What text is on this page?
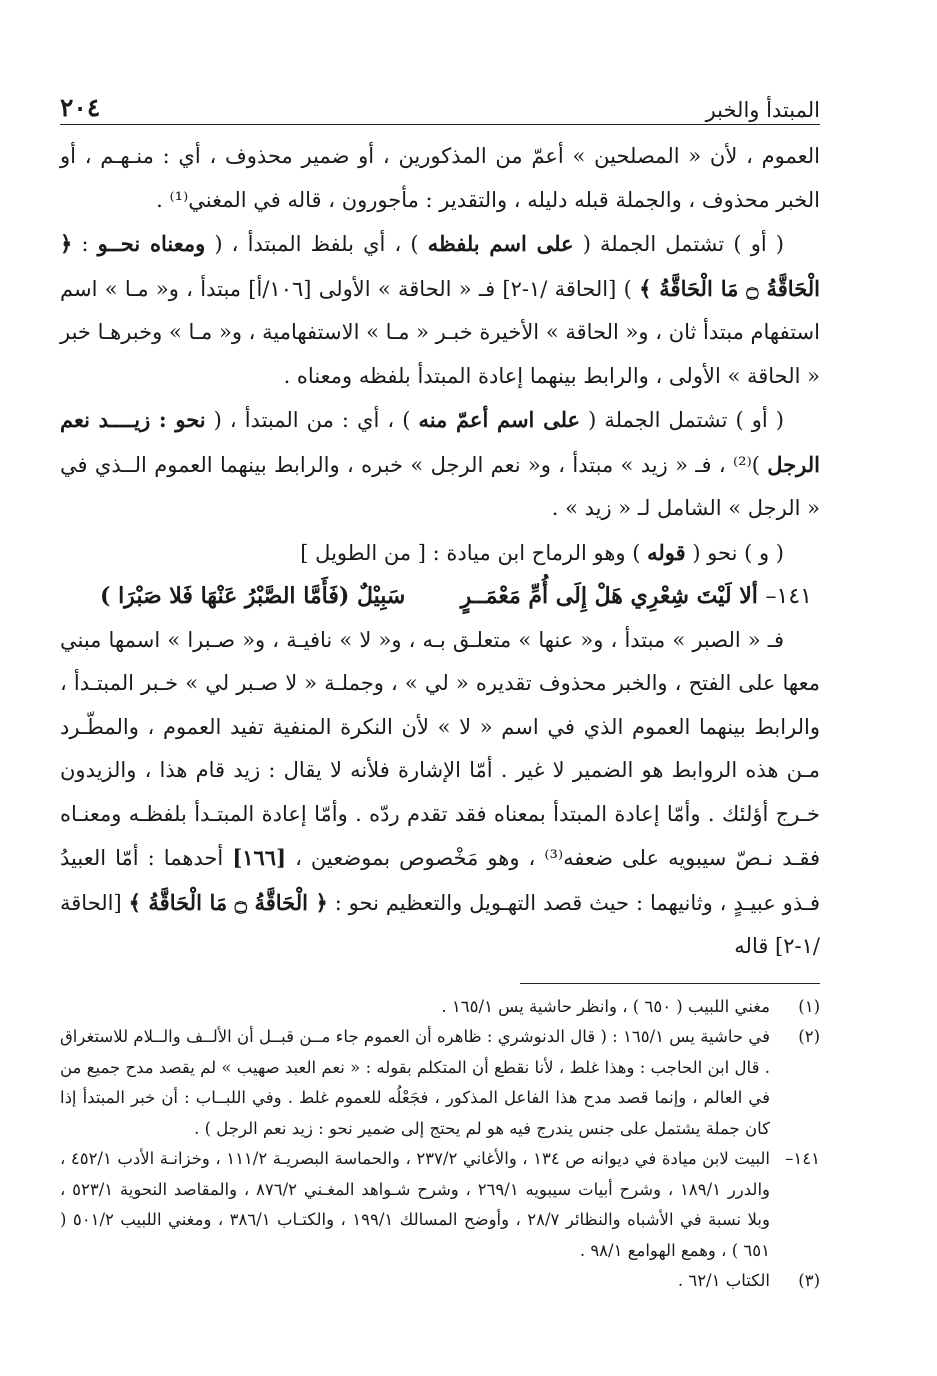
المبتدأ والخبر
٢٠٤

العموم ، لأن « المصلحين » أعمّ من المذكورين ، أو ضمير محذوف ، أي : منـهـم ، أو الخبر محذوف ، والجملة قبله دليله ، والتقدير : مأجورون ، قاله في المغني⁽¹⁾ .

( أو ) تشتمل الجملة ( على اسم بلفظه ) ، أي بلفظ المبتدأ ، ( ومعناه نحــو : ﴿ الْحَاقَّةُ ۝ مَا الْحَاقَّةُ ﴾ ) [الحاقة /١-٢] فـ « الحاقة » الأولى [١٠٦/أ] مبتدأ ، و« مـا » اسم استفهام مبتدأ ثان ، و« الحاقة » الأخيرة خبـر « مـا » الاستفهامية ، و« مـا » وخبرهـا خبر « الحاقة » الأولى ، والرابط بينهما إعادة المبتدأ بلفظه ومعناه .

( أو ) تشتمل الجملة ( على اسم أعمّ منه ) ، أي : من المبتدأ ، ( نحو : زيــــد نعم الرجل )⁽²⁾ ، فـ « زيد » مبتدأ ، و« نعم الرجل » خبره ، والرابط بينهما العموم الــذي في « الرجل » الشامل لـ « زيد » .

( و ) نحو ( قوله ) وهو الرماح ابن ميادة : [ من الطويل ]

١٤١– ألا لَيْتَ شِعْرِي هَلْ إِلَى أُمِّ مَعْمَــرٍ
سَبِيْلٌ (فَأَمَّا الصَّبْرُ عَنْهَا فَلا صَبْرَا )

فـ « الصبر » مبتدأ ، و« عنها » متعلـق بـه ، و« لا » نافيـة ، و« صـبرا » اسمها مبني معها على الفتح ، والخبر محذوف تقديره « لي » ، وجملـة « لا صـبر لي » خـبر المبتـدأ ، والرابط بينهما العموم الذي في اسم « لا » لأن النكرة المنفية تفيد العموم ، والمطّـرد مـن هذه الروابط هو الضمير لا غير . أمّا الإشارة فلأنه لا يقال : زيد قام هذا ، والزيدون خـرج أؤلئك . وأمّا إعادة المبتدأ بمعناه فقد تقدم ردّه . وأمّا إعادة المبتـدأ بلفظـه ومعنـاه فقـد نـصّ سيبويه على ضعفه⁽³⁾ ، وهو مَخْصوص بموضعين ، [١٦٦] أحدهما : أمّا العبيدُ فـذو عبيـدٍ ، وثانيهما : حيث قصد التهـويل والتعظيم نحو : ﴿ الْحَاقَّةُ ۝ مَا الْحَاقَّةُ ﴾ [الحاقة /١-٢] قاله

(١)
مغني اللبيب ( ٦٥٠ ) ، وانظر حاشية يس ١٦٥/١ .
(٢)
في حاشية يس ١٦٥/١ : ( قال الدنوشري : ظاهره أن العموم جاء مــن قبــل أن الألــف والــلام للاستغراق . قال ابن الحاجب : وهذا غلط ، لأنا نقطع أن المتكلم بقوله : « نعم العبد صهيب » لم يقصد مدح جميع من في العالم ، وإنما قصد مدح هذا الفاعل المذكور ، فجَعْلُه للعموم غلط . وفي اللبــاب : أن خبر المبتدأ إذا كان جملة يشتمل على جنس يندرج فيه هو لم يحتج إلى ضمير نحو : زيد نعم الرجل ) .
١٤١–
البيت لابن ميادة في ديوانه ص ١٣٤ ، والأغاني ٢٣٧/٢ ، والحماسة البصريـة ١١١/٢ ، وخزانـة الأدب ٤٥٢/١ ، والدرر ١٨٩/١ ، وشرح أبيات سيبويه ٢٦٩/١ ، وشرح شـواهد المغـني ٨٧٦/٢ ، والمقاصد النحوية ٥٢٣/١ ، وبلا نسبة في الأشباه والنظائر ٢٨/٧ ، وأوضح المسالك ١٩٩/١ ، والكتـاب ٣٨٦/١ ، ومغني اللبيب ٥٠١/٢ ( ٦٥١ ) ، وهمع الهوامع ٩٨/١ .
(٣)
الكتاب ٦٢/١ .
